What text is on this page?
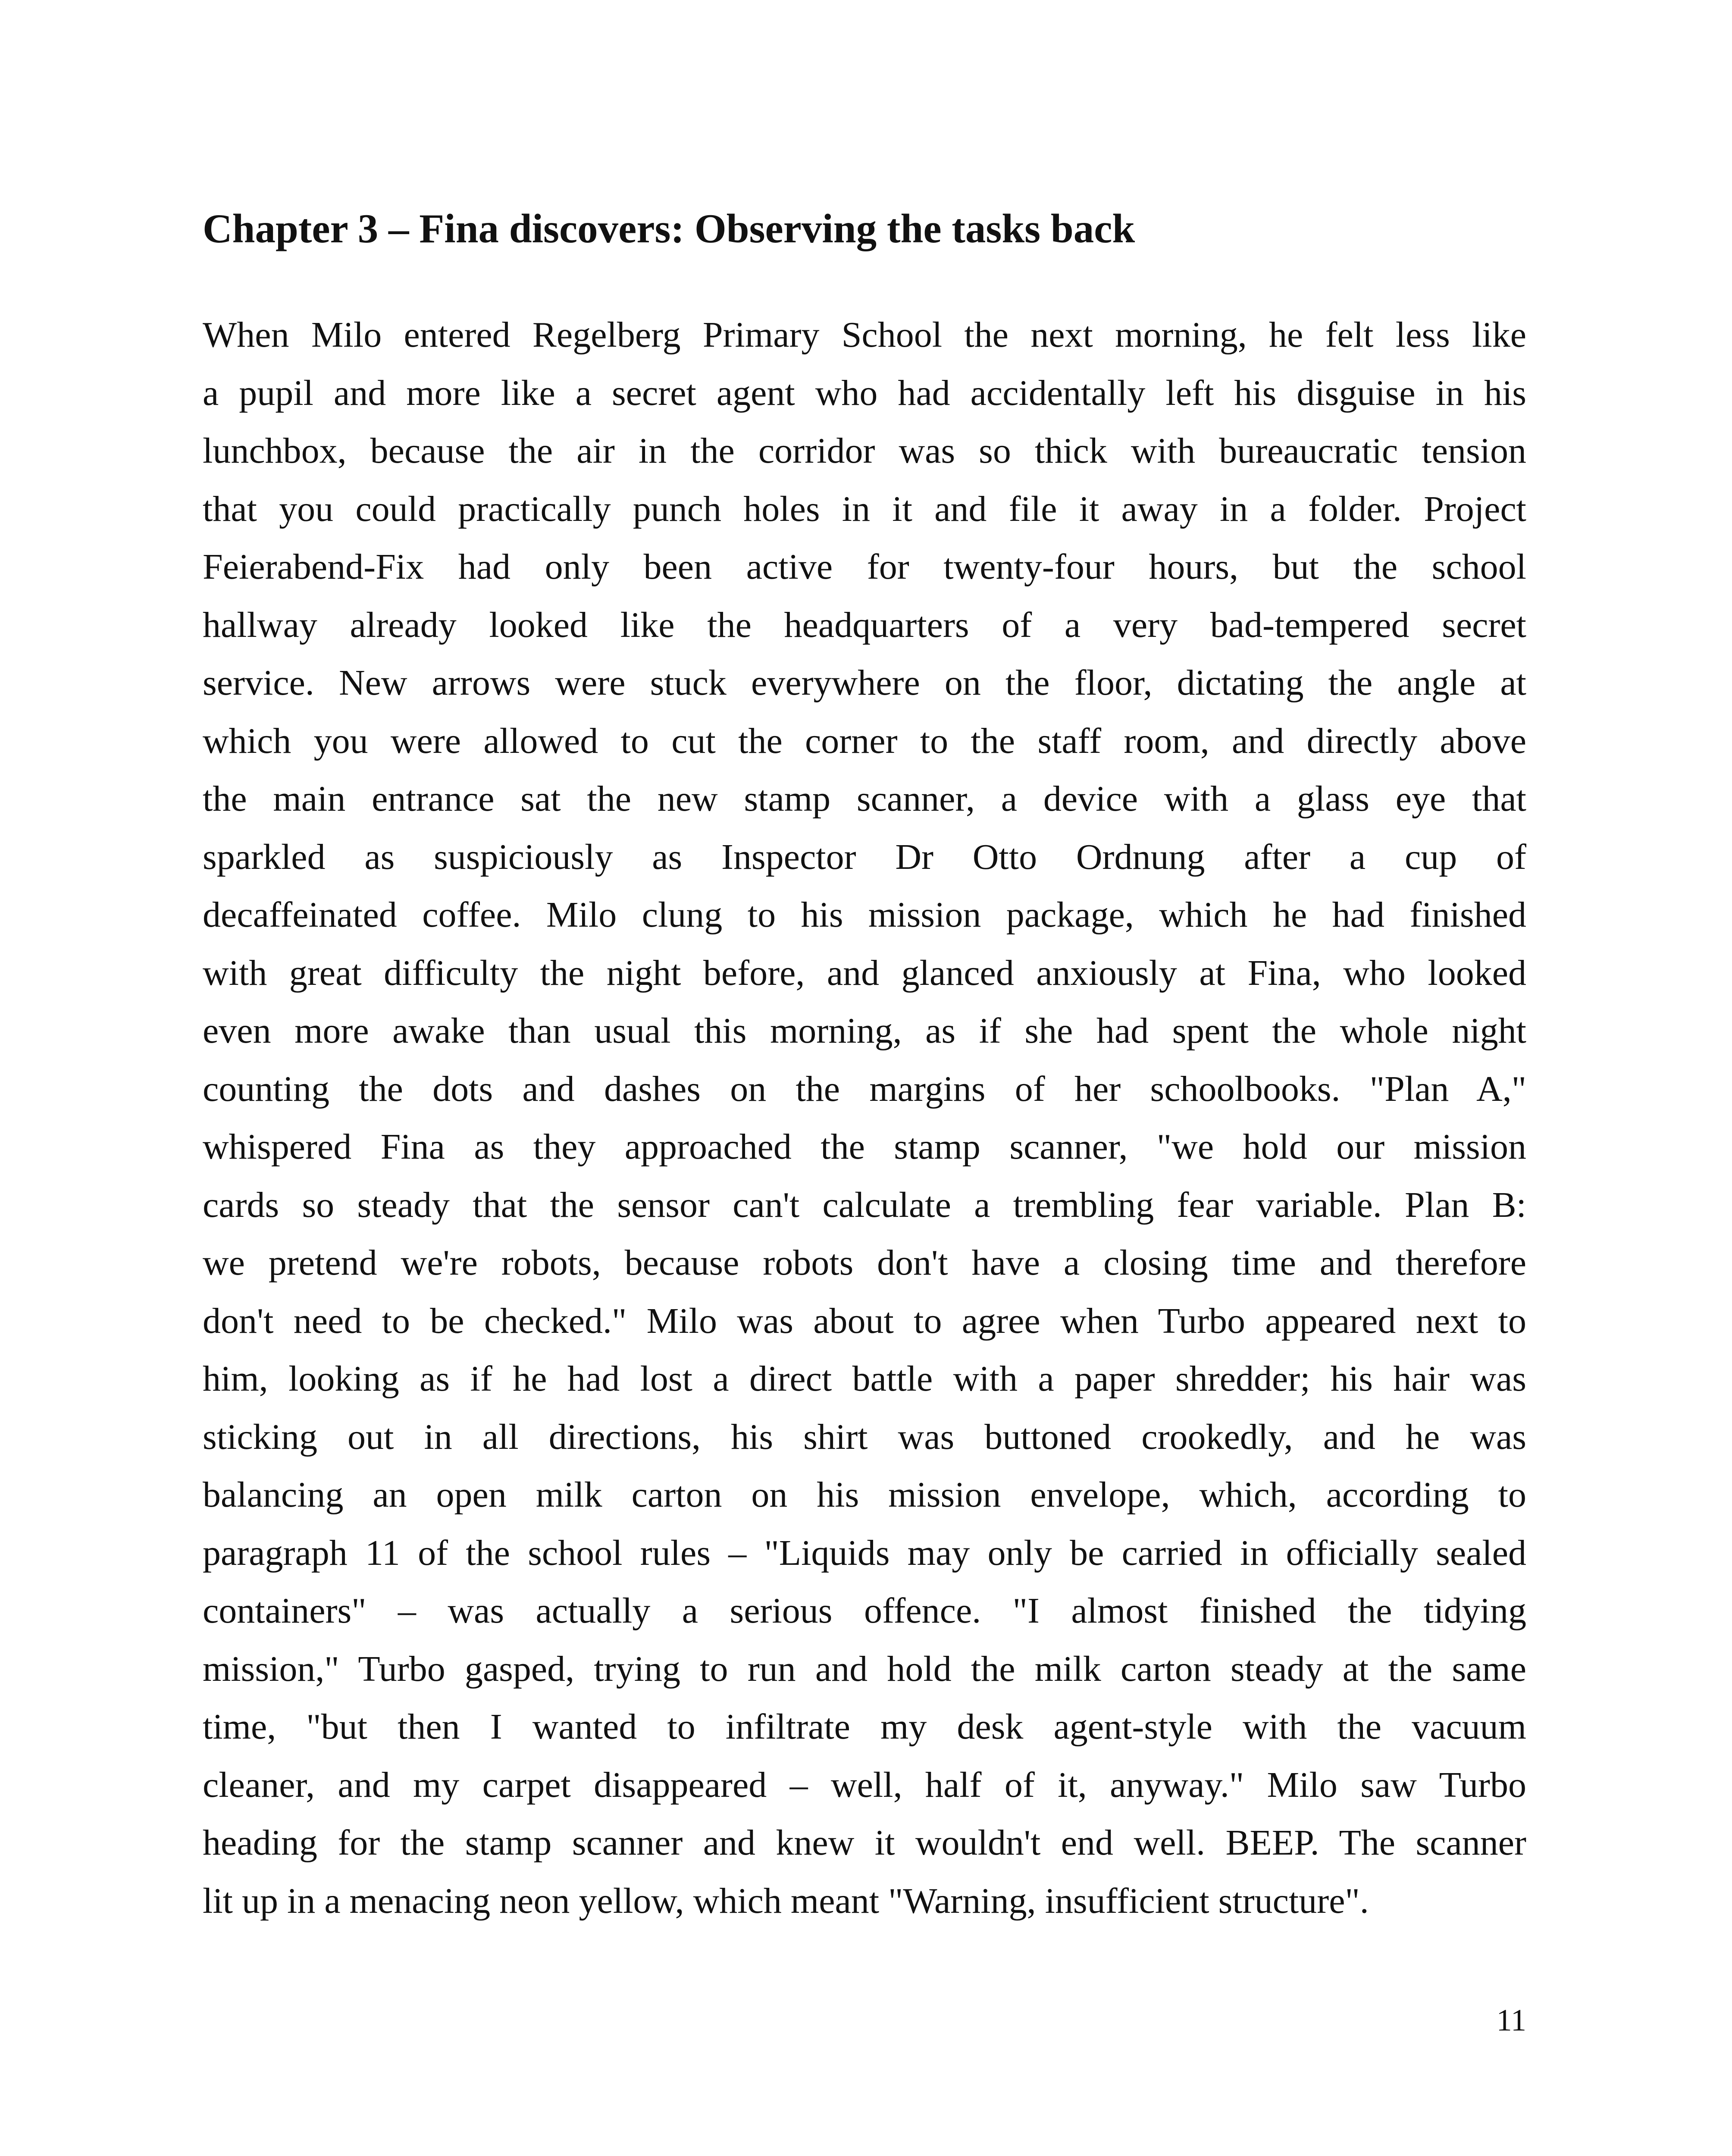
Chapter 3 – Fina discovers: Observing the tasks back
When Milo entered Regelberg Primary School the next morning, he felt less like
a pupil and more like a secret agent who had accidentally left his disguise in his
lunchbox, because the air in the corridor was so thick with bureaucratic tension
that you could practically punch holes in it and file it away in a folder. Project
Feierabend-Fix had only been active for twenty-four hours, but the school
hallway already looked like the headquarters of a very bad-tempered secret
service. New arrows were stuck everywhere on the floor, dictating the angle at
which you were allowed to cut the corner to the staff room, and directly above
the main entrance sat the new stamp scanner, a device with a glass eye that
sparkled as suspiciously as Inspector Dr Otto Ordnung after a cup of
decaffeinated coffee. Milo clung to his mission package, which he had finished
with great difficulty the night before, and glanced anxiously at Fina, who looked
even more awake than usual this morning, as if she had spent the whole night
counting the dots and dashes on the margins of her schoolbooks. "Plan A,"
whispered Fina as they approached the stamp scanner, "we hold our mission
cards so steady that the sensor can't calculate a trembling fear variable. Plan B:
we pretend we're robots, because robots don't have a closing time and therefore
don't need to be checked." Milo was about to agree when Turbo appeared next to
him, looking as if he had lost a direct battle with a paper shredder; his hair was
sticking out in all directions, his shirt was buttoned crookedly, and he was
balancing an open milk carton on his mission envelope, which, according to
paragraph 11 of the school rules – "Liquids may only be carried in officially sealed
containers" – was actually a serious offence. "I almost finished the tidying
mission," Turbo gasped, trying to run and hold the milk carton steady at the same
time, "but then I wanted to infiltrate my desk agent-style with the vacuum
cleaner, and my carpet disappeared – well, half of it, anyway." Milo saw Turbo
heading for the stamp scanner and knew it wouldn't end well. BEEP. The scanner
lit up in a menacing neon yellow, which meant "Warning, insufficient structure".
11
